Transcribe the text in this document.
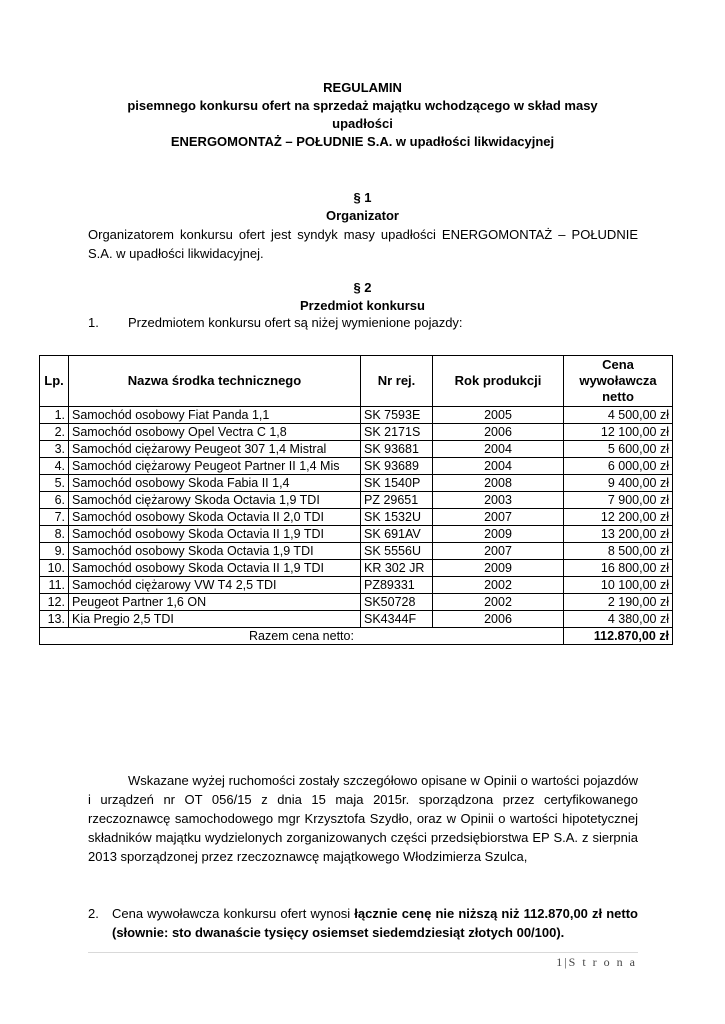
REGULAMIN
pisemnego konkursu ofert na sprzedaż majątku wchodzącego w skład masy
upadłości
ENERGOMONTAŻ – POŁUDNIE S.A. w upadłości likwidacyjnej
§ 1
Organizator
Organizatorem konkursu ofert jest syndyk masy upadłości ENERGOMONTAŻ – POŁUDNIE S.A. w upadłości likwidacyjnej.
§ 2
Przedmiot konkursu
1. Przedmiotem konkursu ofert są niżej wymienione pojazdy:
Lp.	Nazwa środka technicznego	Nr rej.	Rok produkcji	Cena wywoławcza netto
1.	Samochód osobowy Fiat Panda 1,1	SK 7593E	2005	4 500,00 zł
2.	Samochód osobowy Opel Vectra C 1,8	SK 2171S	2006	12 100,00 zł
3.	Samochód ciężarowy Peugeot 307 1,4 Mistral	SK 93681	2004	5 600,00 zł
4.	Samochód ciężarowy Peugeot Partner II 1,4 Mis	SK 93689	2004	6 000,00 zł
5.	Samochód osobowy Skoda Fabia II 1,4	SK 1540P	2008	9 400,00 zł
6.	Samochód ciężarowy Skoda Octavia 1,9 TDI	PZ 29651	2003	7 900,00 zł
7.	Samochód osobowy Skoda Octavia II 2,0 TDI	SK 1532U	2007	12 200,00 zł
8.	Samochód osobowy Skoda Octavia II 1,9 TDI	SK 691AV	2009	13 200,00 zł
9.	Samochód osobowy Skoda Octavia 1,9 TDI	SK 5556U	2007	8 500,00 zł
10.	Samochód osobowy Skoda Octavia II 1,9 TDI	KR 302 JR	2009	16 800,00 zł
11.	Samochód ciężarowy VW T4 2,5 TDI	PZ89331	2002	10 100,00 zł
12.	Peugeot Partner 1,6 ON	SK50728	2002	2 190,00 zł
13.	Kia Pregio 2,5 TDI	SK4344F	2006	4 380,00 zł
Razem cena netto:				112.870,00 zł
Wskazane wyżej ruchomości zostały szczegółowo opisane w Opinii o wartości pojazdów i urządzeń nr OT 056/15 z dnia 15 maja 2015r. sporządzona przez certyfikowanego rzeczoznawcę samochodowego mgr Krzysztofa Szydło, oraz w Opinii o wartości hipotetycznej składników majątku wydzielonych zorganizowanych części przedsiębiorstwa EP S.A. z sierpnia 2013 sporządzonej przez rzeczoznawcę majątkowego Włodzimierza Szulca,
2. Cena wywoławcza konkursu ofert wynosi łącznie cenę nie niższą niż 112.870,00 zł netto (słownie: sto dwanaście tysięcy osiemset siedemdziesiąt złotych 00/100).
1|S t r o n a
